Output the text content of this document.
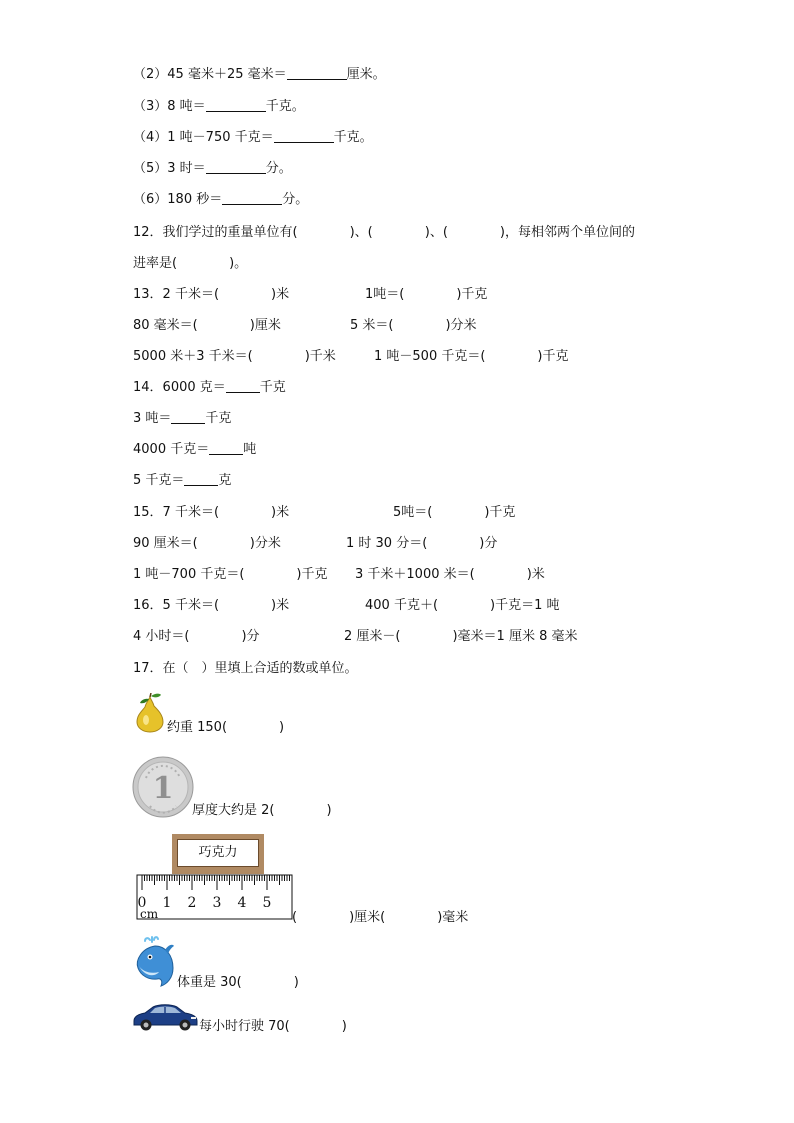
（2）45 毫米＋25 毫米＝	厘米。
（3）8 吨＝	千克。
（4）1 吨－750 千克＝	千克。
（5）3 时＝	分。
（6）180 秒＝	分。
12．我们学过的重量单位有(　　　　)、(　　　　)、(　　　　)，每相邻两个单位间的
进率是(　　　　)。
13．2 千米＝(　　　　)米	1吨＝(　　　　)千克
80 毫米＝(　　　　)厘米	5 米＝(　　　　)分米
5000 米＋3 千米＝(　　　　)千米	1 吨－500 千克＝(　　　　)千克
14．6000 克＝	千克
3 吨＝	千克
4000 千克＝	吨
5 千克＝	克
15．7 千米＝(　　　　)米	5吨＝(　　　　)千克
90 厘米＝(　　　　)分米	1 时 30 分＝(　　　　)分
1 吨－700 千克＝(　　　　)千克 3 千米＋1000 米＝(　　　　)米
16．5 千米＝(　　　　)米	400 千克＋(　　　　)千克＝1 吨
4 小时＝(　　　　)分	2 厘米－(　　　　)毫米＝1 厘米 8 毫米
17．在（　）里填上合适的数或单位。
约重 150(　　　　)
1
厚度大约是 2(　　　　)
巧克力
0 1 2 3 4 5
cm	(　　　　)厘米(　　　　)毫米
体重是 30(　　　　)
每小时行驶 70(　　　　)
